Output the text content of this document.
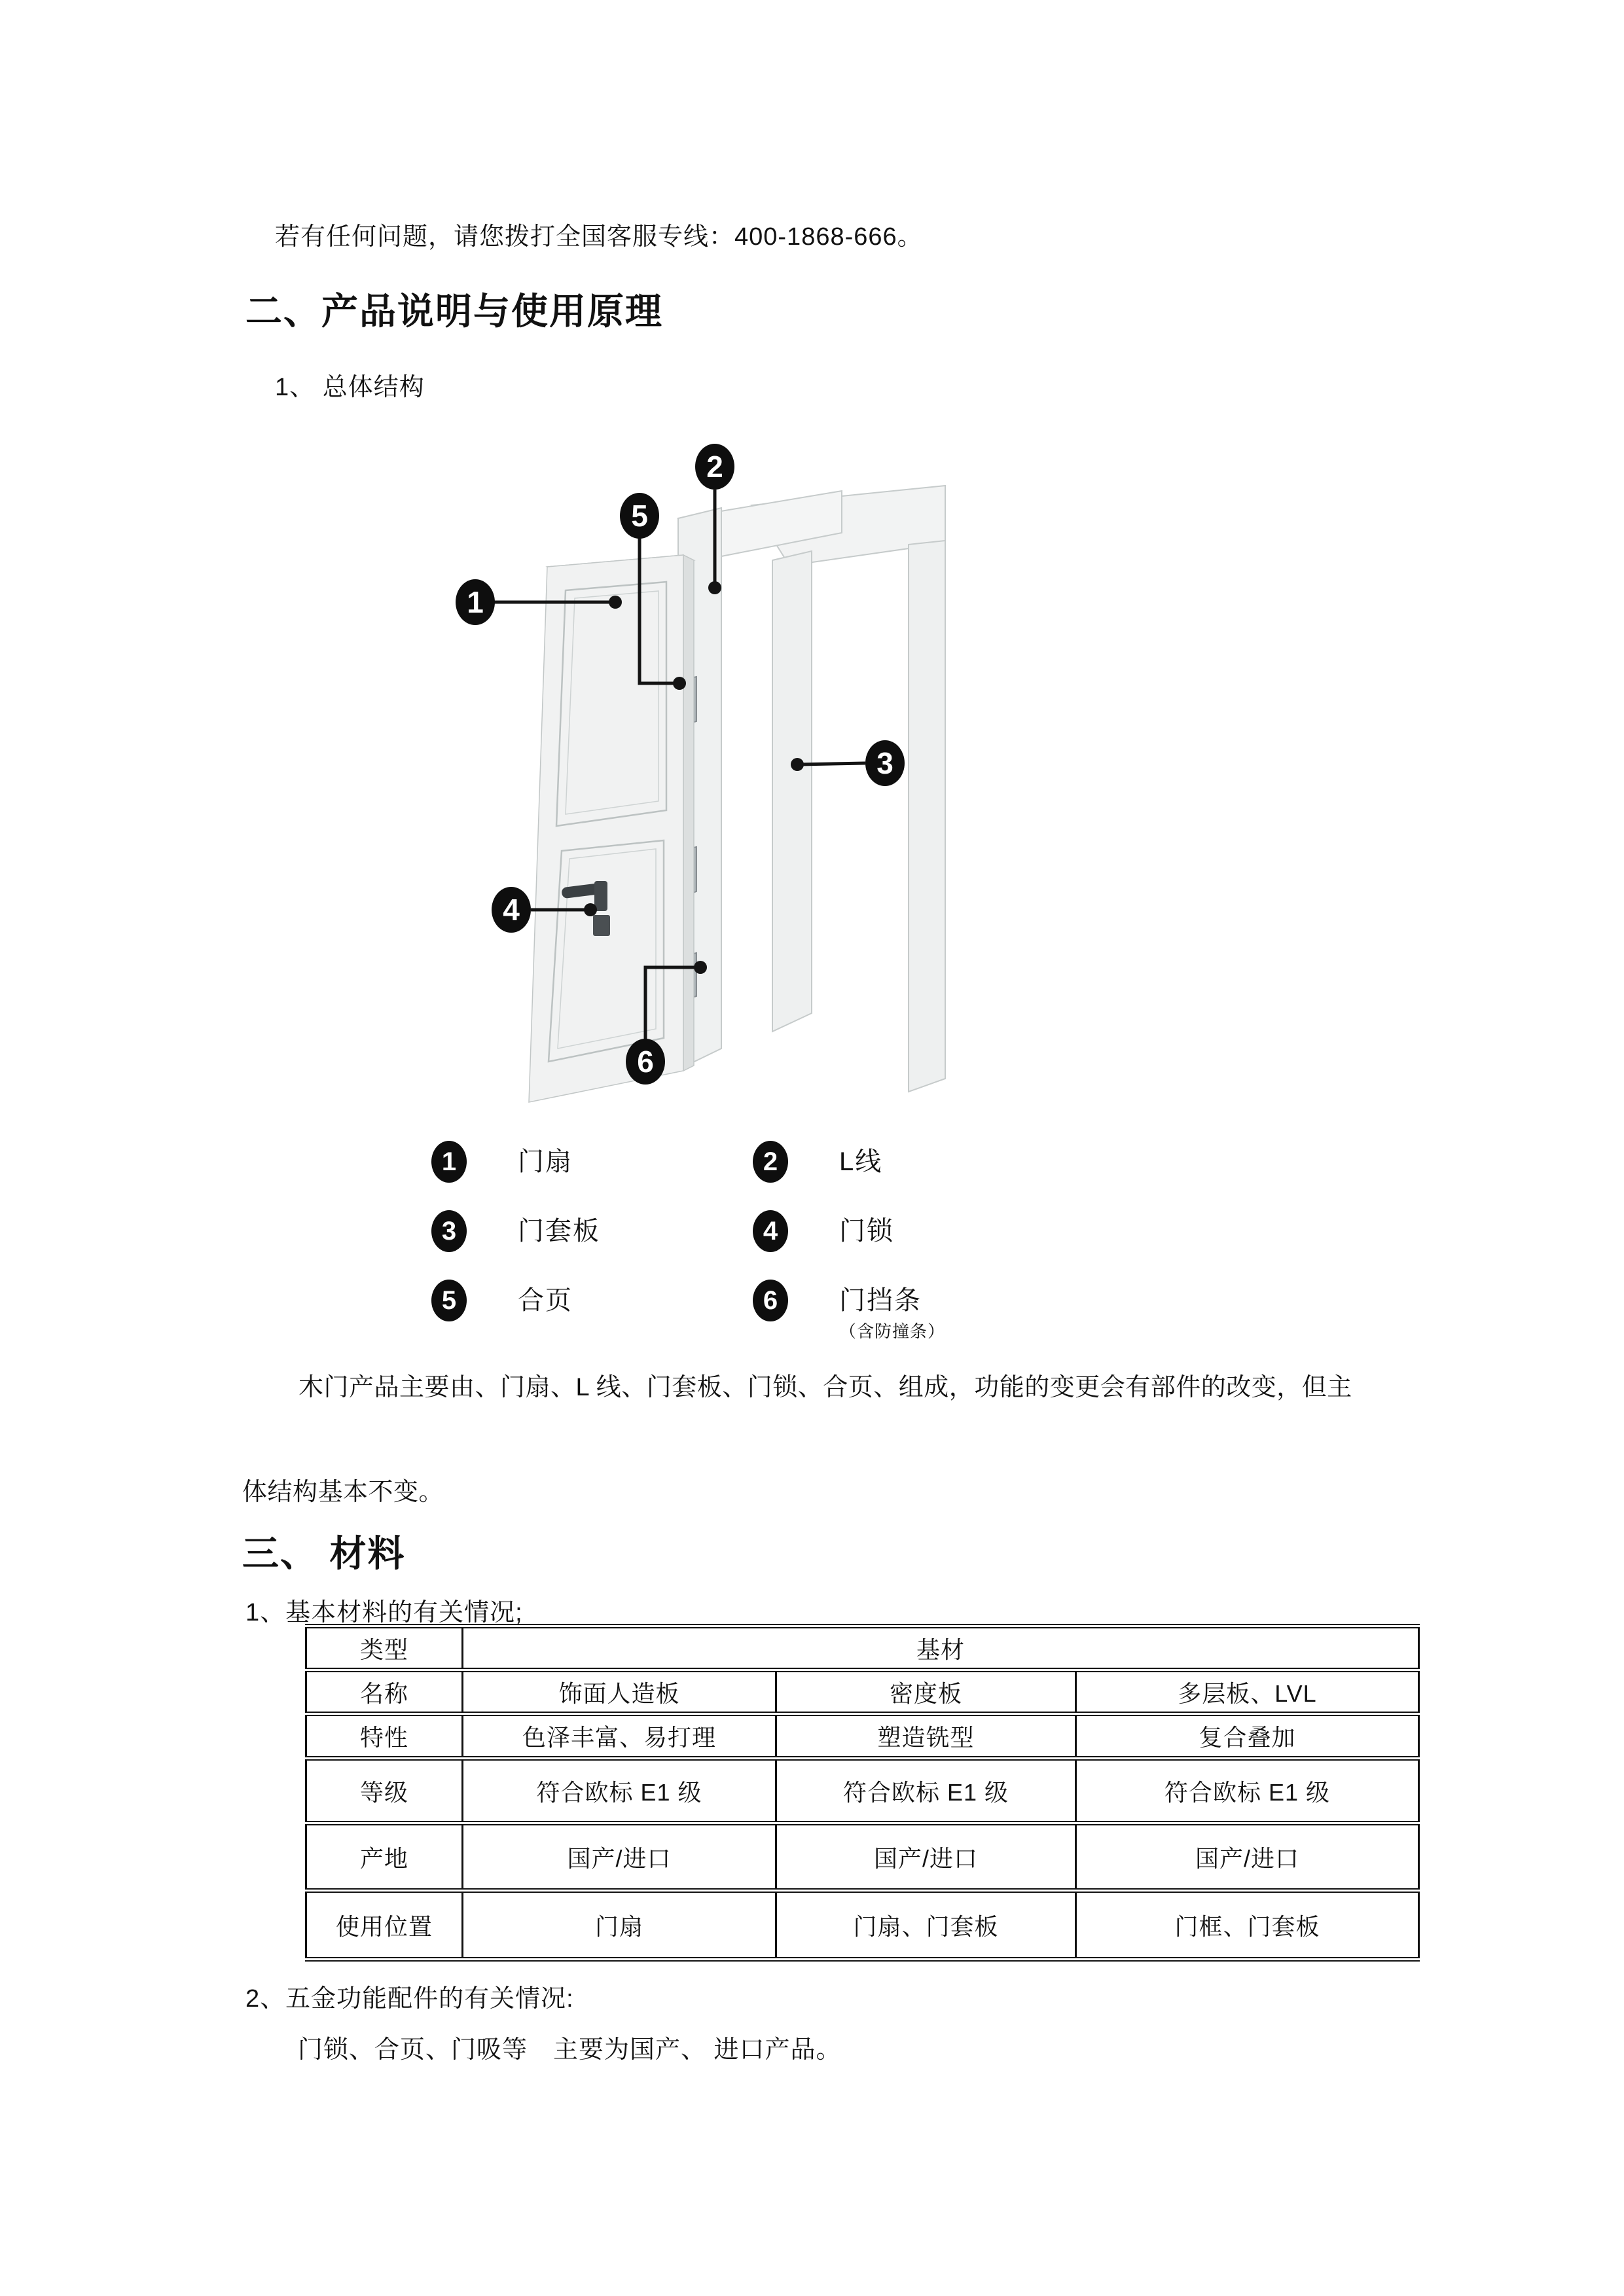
若有任何问题，请您拨打全国客服专线：400-1868-666。
二、产品说明与使用原理
1、 总体结构
1
2
3
4
5
6
1	门扇	2	L线
3	门套板	4	门锁
5	合页	6	门挡条
（含防撞条）
木门产品主要由、门扇、L 线、门套板、门锁、合页、组成，功能的变更会有部件的改变，但主
体结构基本不变。
三、 材料
1、基本材料的有关情况;
类型	基材		
名称	饰面人造板	密度板	多层板、LVL
特性	色泽丰富、易打理	塑造铣型	复合叠加
等级	符合欧标 E1 级	符合欧标 E1 级	符合欧标 E1 级
产地	国产/进口	国产/进口	国产/进口
使用位置	门扇	门扇、门套板	门框、门套板
2、五金功能配件的有关情况:
门锁、合页、门吸等　主要为国产、 进口产品。
